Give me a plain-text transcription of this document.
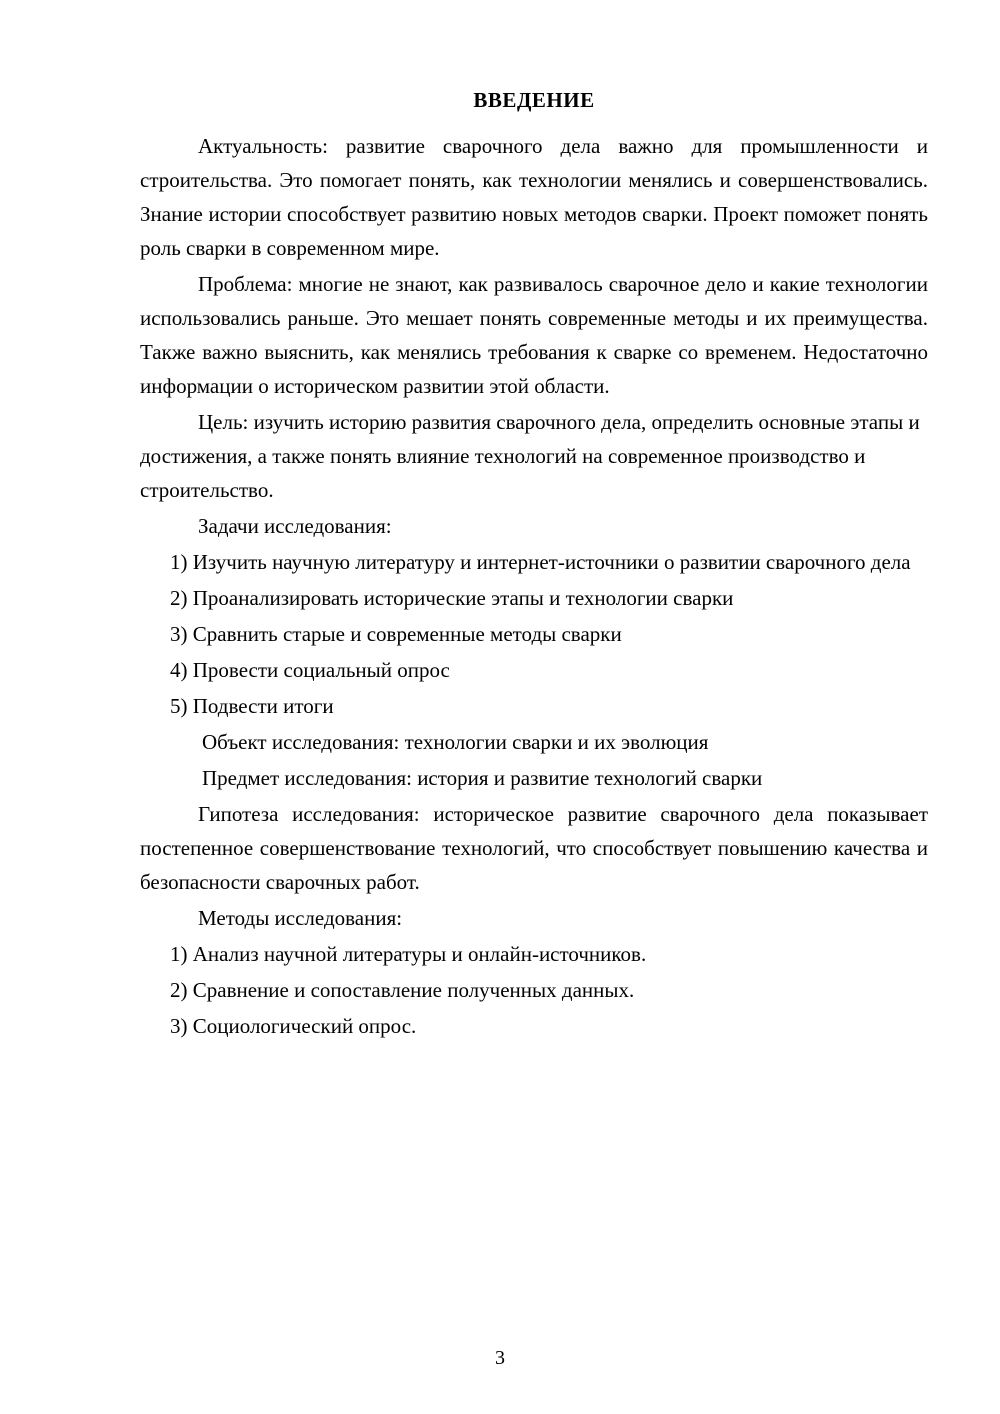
ВВЕДЕНИЕ

Актуальность: развитие сварочного дела важно для промышленности и строительства. Это помогает понять, как технологии менялись и совершенствовались. Знание истории способствует развитию новых методов сварки. Проект поможет понять роль сварки в современном мире.

Проблема: многие не знают, как развивалось сварочное дело и какие технологии использовались раньше. Это мешает понять современные методы и их преимущества. Также важно выяснить, как менялись требования к сварке со временем. Недостаточно информации о историческом развитии этой области.

Цель: изучить историю развития сварочного дела, определить основные этапы и достижения, а также понять влияние технологий на современное производство и строительство.

Задачи исследования:

1) Изучить научную литературу и интернет-источники о развитии сварочного дела

2) Проанализировать исторические этапы и технологии сварки

3) Сравнить старые и современные методы сварки

4) Провести социальный опрос

5) Подвести итоги

Объект исследования: технологии сварки и их эволюция

Предмет исследования: история и развитие технологий сварки

Гипотеза исследования: историческое развитие сварочного дела показывает постепенное совершенствование технологий, что способствует повышению качества и безопасности сварочных работ.

Методы исследования:

1) Анализ научной литературы и онлайн-источников.

2) Сравнение и сопоставление полученных данных.

3) Социологический опрос.

3
